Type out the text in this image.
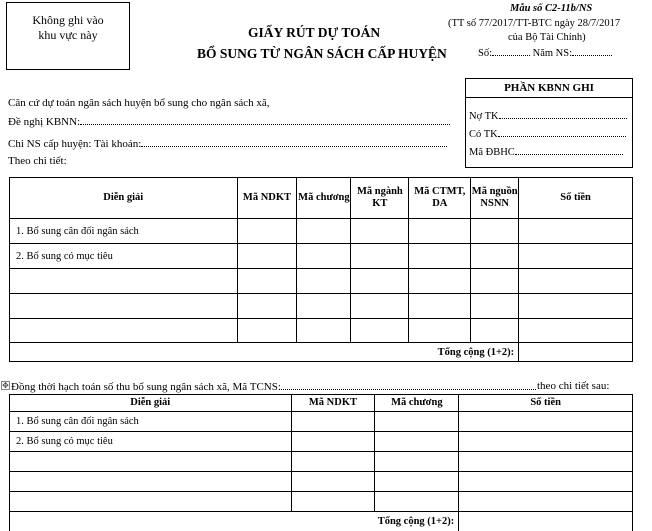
Không ghi vào
khu vực này	GIẤY RÚT DỰ TOÁN
BỔ SUNG TỪ NGÂN SÁCH CẤP HUYỆN
Mẫu số C2-11b/NS
(TT số 77/2017/TT-BTC ngày 28/7/2017
của Bộ Tài Chính)
Số:	Năm NS:
PHẦN KBNN GHI
Nợ TK
Có TK
Mã ĐBHC
Căn cứ dự toán ngân sách huyện bổ sung cho ngân sách xã,
Đề nghị KBNN:
Chi NS cấp huyện: Tài khoản:
Theo chi tiết:
Diễn giải	Mã NDKT	Mã chương	Mã ngành KT	Mã CTMT, DA	Mã nguồn NSNN	Số tiền
1. Bổ sung cân đối ngân sách						
2. Bổ sung có mục tiêu						

Tổng cộng (1+2):						
✥ Đồng thời hạch toán số thu bổ sung ngân sách xã, Mã TCNS:	theo chi tiết sau:
Diễn giải	Mã NDKT	Mã chương	Số tiền
1. Bổ sung cân đối ngân sách			
2. Bổ sung có mục tiêu			

Tổng cộng (1+2):			
